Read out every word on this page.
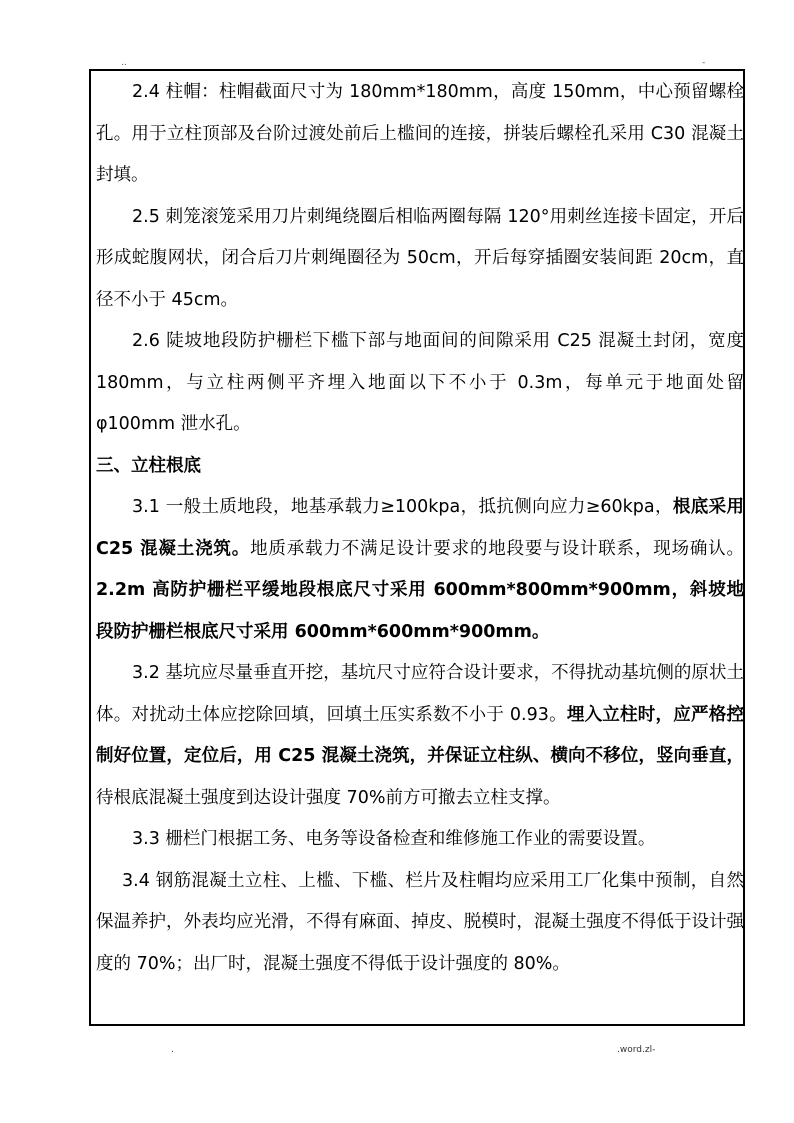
..	-

2.4 柱帽：柱帽截面尺寸为 180mm*180mm，高度 150mm，中心预留螺栓孔。用于立柱顶部及台阶过渡处前后上槛间的连接，拼装后螺栓孔采用 C30 混凝土封填。

2.5 刺笼滚笼采用刀片刺绳绕圈后相临两圈每隔 120°用刺丝连接卡固定，开后形成蛇腹网状，闭合后刀片刺绳圈径为 50cm，开后每穿插圈安装间距 20cm，直径不小于 45cm。

2.6 陡坡地段防护栅栏下槛下部与地面间的间隙采用 C25 混凝土封闭，宽度 180mm，与立柱两侧平齐埋入地面以下不小于 0.3m，每单元于地面处留φ100mm 泄水孔。

三、立柱根底

3.1 一般土质地段，地基承载力≥100kpa，抵抗侧向应力≥60kpa，根底采用 C25 混凝土浇筑。地质承载力不满足设计要求的地段要与设计联系，现场确认。2.2m 高防护栅栏平缓地段根底尺寸采用 600mm*800mm*900mm，斜坡地段防护栅栏根底尺寸采用 600mm*600mm*900mm。

3.2 基坑应尽量垂直开挖，基坑尺寸应符合设计要求，不得扰动基坑侧的原状土体。对扰动土体应挖除回填，回填土压实系数不小于 0.93。埋入立柱时，应严格控制好位置，定位后，用 C25 混凝土浇筑，并保证立柱纵、横向不移位，竖向垂直，待根底混凝土强度到达设计强度 70%前方可撤去立柱支撑。

3.3 栅栏门根据工务、电务等设备检查和维修施工作业的需要设置。

3.4 钢筋混凝土立柱、上槛、下槛、栏片及柱帽均应采用工厂化集中预制，自然保温养护，外表均应光滑，不得有麻面、掉皮、脱模时，混凝土强度不得低于设计强度的 70%；出厂时，混凝土强度不得低于设计强度的 80%。

.	.word.zl-
